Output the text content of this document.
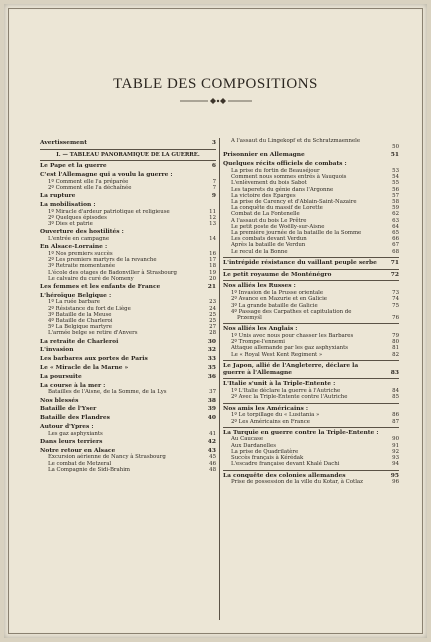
TABLE DES COMPOSITIONS
Avertissement	3
I. — TABLEAU PANORAMIQUE DE LA GUERRE.
Le Pape et la guerre	6
C'est l'Allemagne qui a voulu la guerre :
1º Comment elle l'a préparée	7
2º Comment elle l'a déchaînée	7
La rupture	9
La mobilisation :
1º Miracle d'ardeur patriotique et religieuse	11
2º Quelques épisodes	12
3º Dies et patrie	13
Ouverture des hostilités :
L'entrée en campagne	14
En Alsace-Lorraine :
1º Nos premiers succès	16
2º Les premiers martyrs de la revanche	17
3º Retraite momentanée	18
L'école des otages de Badonviller à Strasbourg	19
Le calvaire du curé de Nomeny	20
Les femmes et les enfants de France	21
L'héroïque Belgique :
1º La ruée barbare	23
2º Résistance du fort de Liège	24
3º Bataille de la Meuse	25
4º Bataille de Charleroi	25
5º La Belgique martyre	27
L'armée belge se retire d'Anvers	28
La retraite de Charleroi	30
L'invasion	32
Les barbares aux portes de Paris	33
Le « Miracle de la Marne »	35
La poursuite	36
La course à la mer :
Batailles de l'Aisne, de la Somme, de la Lys	37
Nos blessés	38
Bataille de l'Yser	39
Bataille des Flandres	40
Autour d'Ypres :
Les gaz asphyxiants	41
Dans leurs terriers	42
Notre retour en Alsace	43
Excursion aérienne de Nancy à Strasbourg	45
Le combat de Metzeral	46
La Compagnie de Sidi-Brahim	48
A l'assaut du Lingekopf et du Schratzmaennele
50
Prisonnier en Allemagne	51
Quelques récits officiels de combats :
La prise du fortin de Beauséjour	53
Comment nous sommes entrés à Vauquois	54
L'enlèvement du bois Sabot	55
Les taperets du génie dans l'Argonne	56
La victoire des Eparges	57
La prise de Carency et d'Ablain-Saint-Nazaire	58
La conquête du massif de Lorette	59
Combat de La Fontenelle	62
A l'assaut du bois Le Prêtre	63
Le petit poste de Woëlly-sur-Aisne	64
La première journée de la bataille de la Somme	65
Les combats devant Verdun	66
Après la bataille de Verdun	67
Le recul de la Bonne	68
L'intrépide résistance du vaillant peuple serbe	71
Le petit royaume de Monténégro	72
Nos alliés les Russes :
1º Invasion de la Prusse orientale	73
2º Avance en Mazurie et en Galicie	74
3º La grande bataille de Galicie	75
4º Passage des Carpathes et capitulation de
Przemyśl	76
Nos alliés les Anglais :
1º Unis avec nous pour chasser les Barbares	79
2º Trompe-l'ennemi	80
Attaque allemande par les gaz asphyxiants	81
Le « Royal West Kent Regiment »	82
Le Japon, allié de l'Angleterre, déclare la guerre à l'Allemagne	83
L'Italie s'unit à la Triple-Entente :
1º L'Italie déclare la guerre à l'Autriche	84
2º Avec la Triple-Entente contre l'Autriche	85
Nos amis les Américains :
1º Le torpillage du « Lusitania »	86
2º Les Américains en France	87
La Turquie en guerre contre la Triple-Entente :
Au Caucase	90
Aux Dardanelles	91
La prise de Quadrilatère	92
Succès français à Kérédak	93
L'escadre française devant Khalé Dachi	94
La conquête des colonies allemandes	95
Prise de possession de la ville du Kotar, à Cotlaz	96
